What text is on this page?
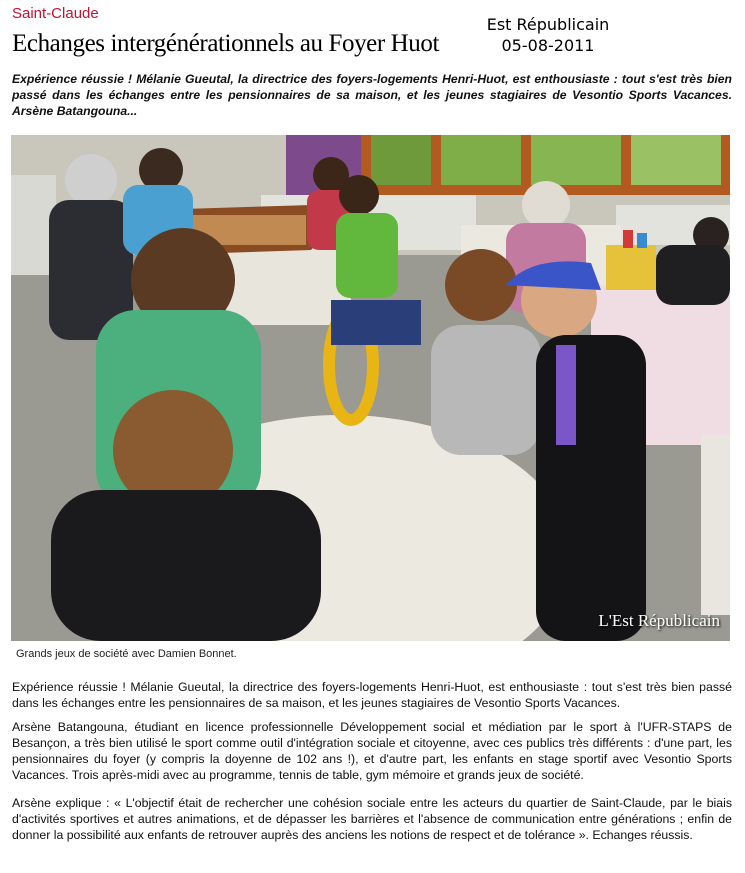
Saint-Claude
Est Républicain
05-08-2011
Echanges intergénérationnels au Foyer Huot
Expérience réussie ! Mélanie Gueutal, la directrice des foyers-logements Henri-Huot, est enthousiaste : tout s'est très bien passé dans les échanges entre les pensionnaires de sa maison, et les jeunes stagiaires de Vesontio Sports Vacances. Arsène Batangouna...
L'Est Républicain
Grands jeux de société avec Damien Bonnet.

Expérience réussie ! Mélanie Gueutal, la directrice des foyers-logements Henri-Huot, est enthousiaste : tout s'est très bien passé dans les échanges entre les pensionnaires de sa maison, et les jeunes stagiaires de Vesontio Sports Vacances.

Arsène Batangouna, étudiant en licence professionnelle Développement social et médiation par le sport à l'UFR-STAPS de Besançon, a très bien utilisé le sport comme outil d'intégration sociale et citoyenne, avec ces publics très différents : d'une part, les pensionnaires du foyer (y compris la doyenne de 102 ans !), et d'autre part, les enfants en stage sportif avec Vesontio Sports Vacances. Trois après-midi avec au programme, tennis de table, gym mémoire et grands jeux de société.

Arsène explique : « L'objectif était de rechercher une cohésion sociale entre les acteurs du quartier de Saint-Claude, par le biais d'activités sportives et autres animations, et de dépasser les barrières et l'absence de communication entre générations ; enfin de donner la possibilité aux enfants de retrouver auprès des anciens les notions de respect et de tolérance ». Echanges réussis.
